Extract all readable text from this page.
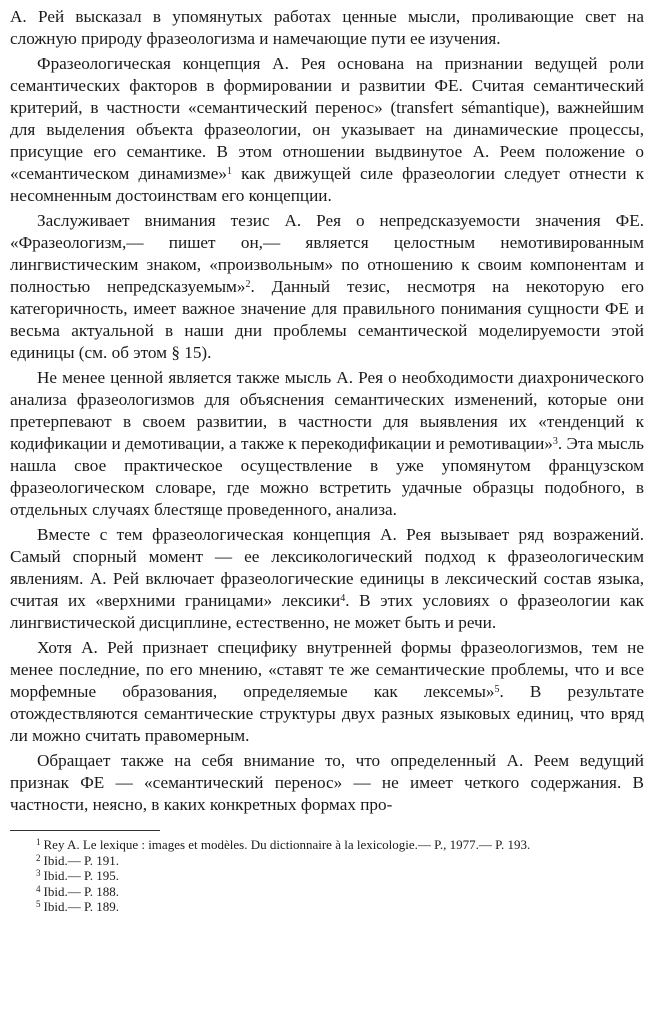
А. Рей высказал в упомянутых работах ценные мысли, проливающие свет на сложную природу фразеологизма и намечающие пути ее изучения.

Фразеологическая концепция А. Рея основана на признании ведущей роли семантических факторов в формировании и развитии ФЕ. Считая семантический критерий, в частности «семантический перенос» (transfert sémantique), важнейшим для выделения объекта фразеологии, он указывает на динамические процессы, присущие его семантике. В этом отношении выдвинутое А. Реем положение о «семантическом динамизме»$^1$ как движущей силе фразеологии следует отнести к несомненным достоинствам его концепции.

Заслуживает внимания тезис А. Рея о непредсказуемости значения ФЕ. «Фразеологизм,— пишет он,— является целостным немотивированным лингвистическим знаком, «произвольным» по отношению к своим компонентам и полностью непредсказуемым»$^2$. Данный тезис, несмотря на некоторую его категоричность, имеет важное значение для правильного понимания сущности ФЕ и весьма актуальной в наши дни проблемы семантической моделируемости этой единицы (см. об этом § 15).

Не менее ценной является также мысль А. Рея о необходимости диахронического анализа фразеологизмов для объяснения семантических изменений, которые они претерпевают в своем развитии, в частности для выявления их «тенденций к кодификации и демотивации, а также к перекодификации и ремотивации»$^3$. Эта мысль нашла свое практическое осуществление в уже упомянутом французском фразеологическом словаре, где можно встретить удачные образцы подобного, в отдельных случаях блестяще проведенного, анализа.

Вместе с тем фразеологическая концепция А. Рея вызывает ряд возражений. Самый спорный момент — ее лексикологический подход к фразеологическим явлениям. А. Рей включает фразеологические единицы в лексический состав языка, считая их «верхними границами» лексики$^4$. В этих условиях о фразеологии как лингвистической дисциплине, естественно, не может быть и речи.

Хотя А. Рей признает специфику внутренней формы фразеологизмов, тем не менее последние, по его мнению, «ставят те же семантические проблемы, что и все морфемные образования, определяемые как лексемы»$^5$. В результате отождествляются семантические структуры двух разных языковых единиц, что вряд ли можно считать правомерным.

Обращает также на себя внимание то, что определенный А. Реем ведущий признак ФЕ — «семантический перенос» — не имеет четкого содержания. В частности, неясно, в каких конкретных формах про-

$^1$ Rey A. Le lexique : images et modèles. Du dictionnaire à la lexicologie.— P., 1977.— P. 193.

$^2$ Ibid.— P. 191.

$^3$ Ibid.— P. 195.

$^4$ Ibid.— P. 188.

$^5$ Ibid.— P. 189.
